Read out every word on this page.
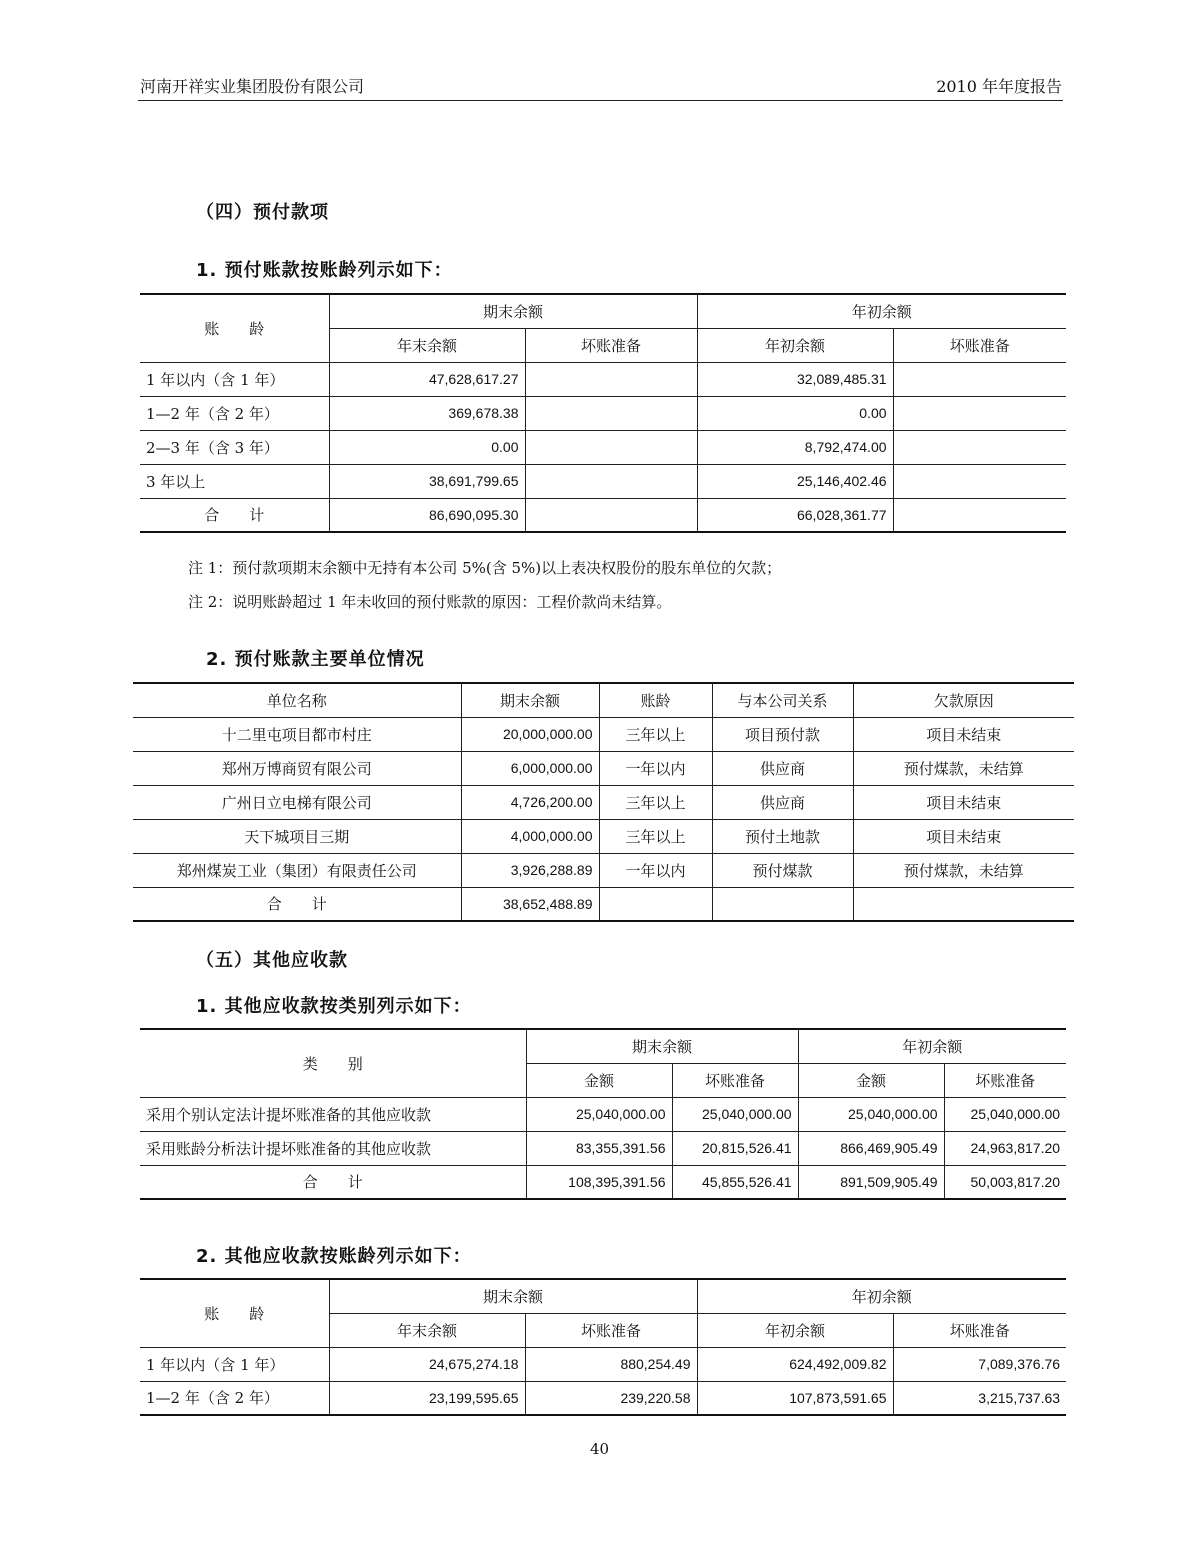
河南开祥实业集团股份有限公司	2010 年年度报告
（四）预付款项
1. 预付账款按账龄列示如下：
账　　龄	期末余额		年初余额	
	年末余额	坏账准备	年初余额	坏账准备
1 年以内（含 1 年）	47,628,617.27		32,089,485.31	
1—2 年（含 2 年）	369,678.38		0.00	
2—3 年（含 3 年）	0.00		8,792,474.00	
3 年以上	38,691,799.65		25,146,402.46	
合　　计	86,690,095.30		66,028,361.77	
注 1：预付款项期末余额中无持有本公司 5%(含 5%)以上表决权股份的股东单位的欠款；
注 2：说明账龄超过 1 年未收回的预付账款的原因：工程价款尚未结算。
2. 预付账款主要单位情况
单位名称	期末余额	账龄	与本公司关系	欠款原因
十二里屯项目都市村庄	20,000,000.00	三年以上	项目预付款	项目未结束
郑州万博商贸有限公司	6,000,000.00	一年以内	供应商	预付煤款，未结算
广州日立电梯有限公司	4,726,200.00	三年以上	供应商	项目未结束
天下城项目三期	4,000,000.00	三年以上	预付土地款	项目未结束
郑州煤炭工业（集团）有限责任公司	3,926,288.89	一年以内	预付煤款	预付煤款，未结算
合　　计	38,652,488.89			
（五）其他应收款
1. 其他应收款按类别列示如下：
类　　别	期末余额		年初余额	
	金额	坏账准备	金额	坏账准备
采用个别认定法计提坏账准备的其他应收款	25,040,000.00	25,040,000.00	25,040,000.00	25,040,000.00
采用账龄分析法计提坏账准备的其他应收款	83,355,391.56	20,815,526.41	866,469,905.49	24,963,817.20
合　　计	108,395,391.56	45,855,526.41	891,509,905.49	50,003,817.20
2. 其他应收款按账龄列示如下：
账　　龄	期末余额		年初余额	
	年末余额	坏账准备	年初余额	坏账准备
1 年以内（含 1 年）	24,675,274.18	880,254.49	624,492,009.82	7,089,376.76
1—2 年（含 2 年）	23,199,595.65	239,220.58	107,873,591.65	3,215,737.63
40
